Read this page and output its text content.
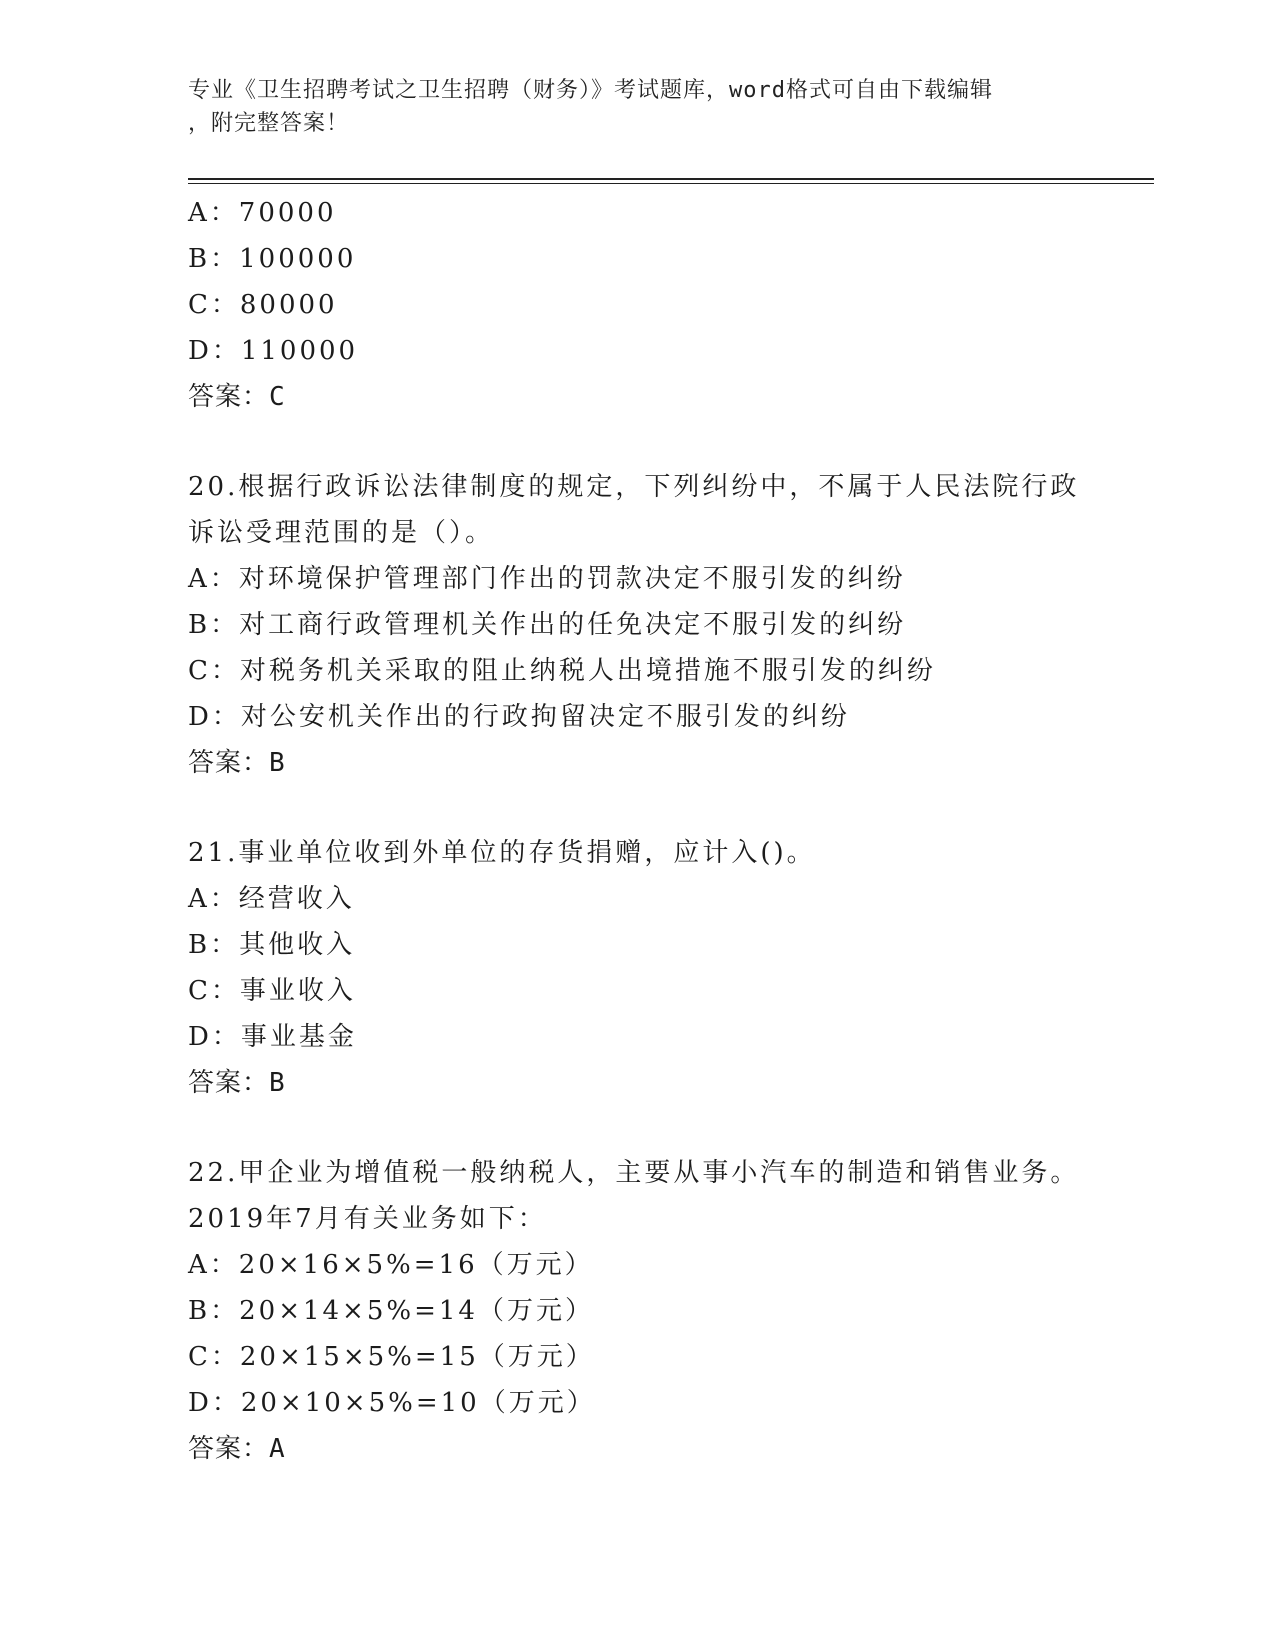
专业《卫生招聘考试之卫生招聘（财务）》考试题库，word格式可自由下载编辑
，附完整答案！
A：70000
B：100000
C：80000
D：110000
答案：C
20.根据行政诉讼法律制度的规定，下列纠纷中，不属于人民法院行政
诉讼受理范围的是（）。
A：对环境保护管理部门作出的罚款决定不服引发的纠纷
B：对工商行政管理机关作出的任免决定不服引发的纠纷
C：对税务机关采取的阻止纳税人出境措施不服引发的纠纷
D：对公安机关作出的行政拘留决定不服引发的纠纷
答案：B
21.事业单位收到外单位的存货捐赠，应计入()。
A：经营收入
B：其他收入
C：事业收入
D：事业基金
答案：B
22.甲企业为增值税一般纳税人，主要从事小汽车的制造和销售业务。
2019年7月有关业务如下：
A：20×16×5%=16（万元）
B：20×14×5%=14（万元）
C：20×15×5%=15（万元）
D：20×10×5%=10（万元）
答案：A
